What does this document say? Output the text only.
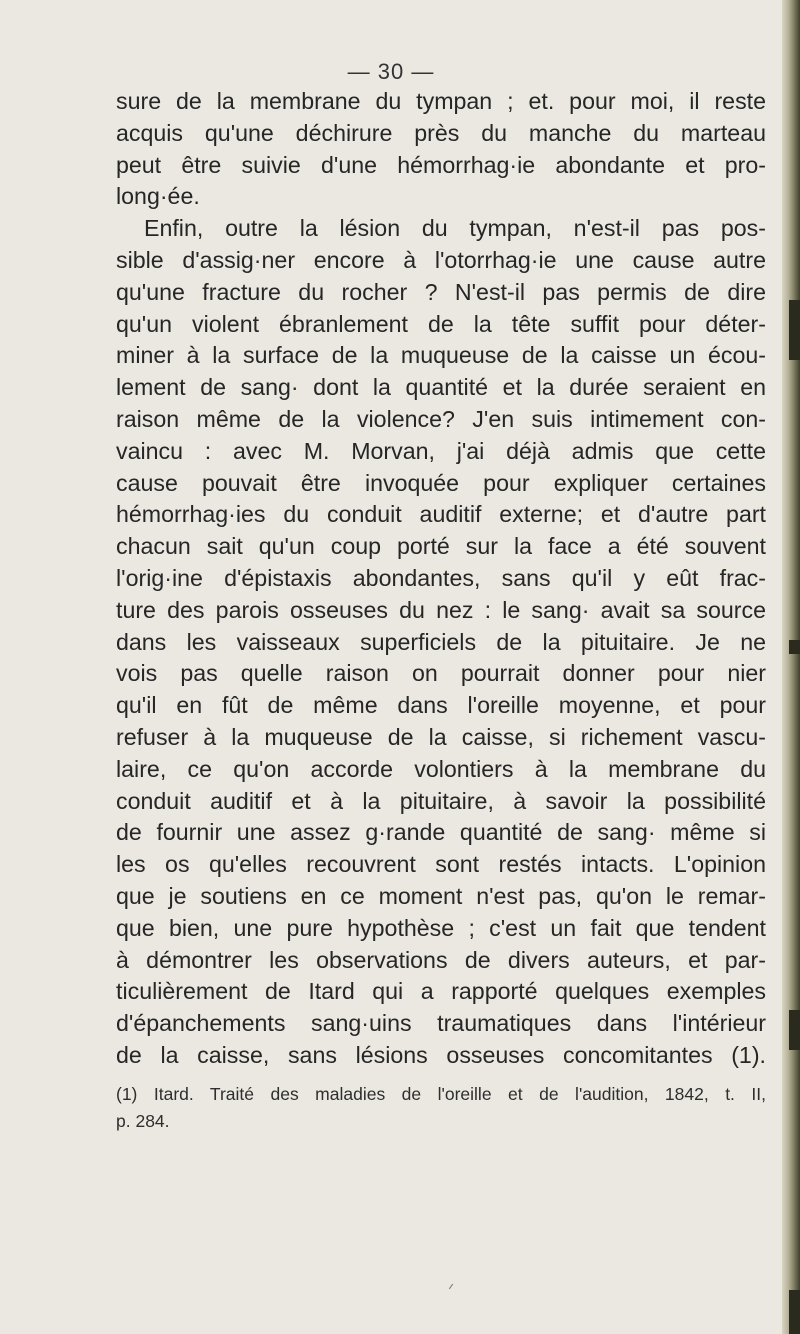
— 30 —
sure de la membrane du tympan ; et. pour moi, il reste
acquis qu'une déchirure près du manche du marteau
peut être suivie d'une hémorrhag·ie abondante et pro-
long·ée.
Enfin, outre la lésion du tympan, n'est-il pas pos-
sible d'assig·ner encore à l'otorrhag·ie une cause autre
qu'une fracture du rocher ? N'est-il pas permis de dire
qu'un violent ébranlement de la tête suffit pour déter-
miner à la surface de la muqueuse de la caisse un écou-
lement de sang· dont la quantité et la durée seraient en
raison même de la violence? J'en suis intimement con-
vaincu : avec M. Morvan, j'ai déjà admis que cette
cause pouvait être invoquée pour expliquer certaines
hémorrhag·ies du conduit auditif externe; et d'autre part
chacun sait qu'un coup porté sur la face a été souvent
l'orig·ine d'épistaxis abondantes, sans qu'il y eût frac-
ture des parois osseuses du nez : le sang· avait sa source
dans les vaisseaux superficiels de la pituitaire. Je ne
vois pas quelle raison on pourrait donner pour nier
qu'il en fût de même dans l'oreille moyenne, et pour
refuser à la muqueuse de la caisse, si richement vascu-
laire, ce qu'on accorde volontiers à la membrane du
conduit auditif et à la pituitaire, à savoir la possibilité
de fournir une assez g·rande quantité de sang· même si
les os qu'elles recouvrent sont restés intacts. L'opinion
que je soutiens en ce moment n'est pas, qu'on le remar-
que bien, une pure hypothèse ; c'est un fait que tendent
à démontrer les observations de divers auteurs, et par-
ticulièrement de Itard qui a rapporté quelques exemples
d'épanchements sang·uins traumatiques dans l'intérieur
de la caisse, sans lésions osseuses concomitantes (1).
(1) Itard. Traité des maladies de l'oreille et de l'audition, 1842, t. II,
p. 284.
